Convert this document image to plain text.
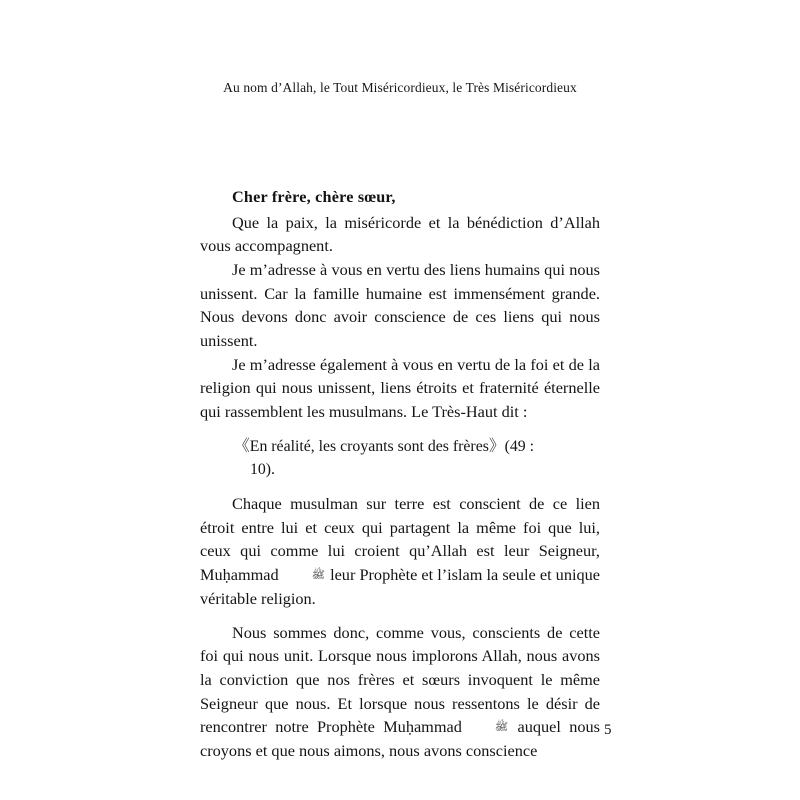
Au nom d’Allah, le Tout Miséricordieux, le Très Miséricordieux

Cher frère, chère sœur,

Que la paix, la miséricorde et la bénédiction d’Allah vous accompagnent.

Je m’adresse à vous en vertu des liens humains qui nous unissent. Car la famille humaine est immensément grande. Nous devons donc avoir conscience de ces liens qui nous unissent.

Je m’adresse également à vous en vertu de la foi et de la religion qui nous unissent, liens étroits et fraternité éternelle qui rassemblent les musulmans. Le Très-Haut dit :

《En réalité, les croyants sont des frères》(49 :
10).

Chaque musulman sur terre est conscient de ce lien étroit entre lui et ceux qui partagent la même foi que lui, ceux qui comme lui croient qu’Allah est leur Seigneur, Muḥammad	ﷺ leur Prophète et l’islam la seule et unique véritable religion.

Nous sommes donc, comme vous, conscients de cette foi qui nous unit. Lorsque nous implorons Allah, nous avons la conviction que nos frères et sœurs invoquent le même Seigneur que nous. Et lorsque nous ressentons le désir de rencontrer notre Prophète Muḥammad	ﷺ auquel nous croyons et que nous aimons, nous avons conscience

5
